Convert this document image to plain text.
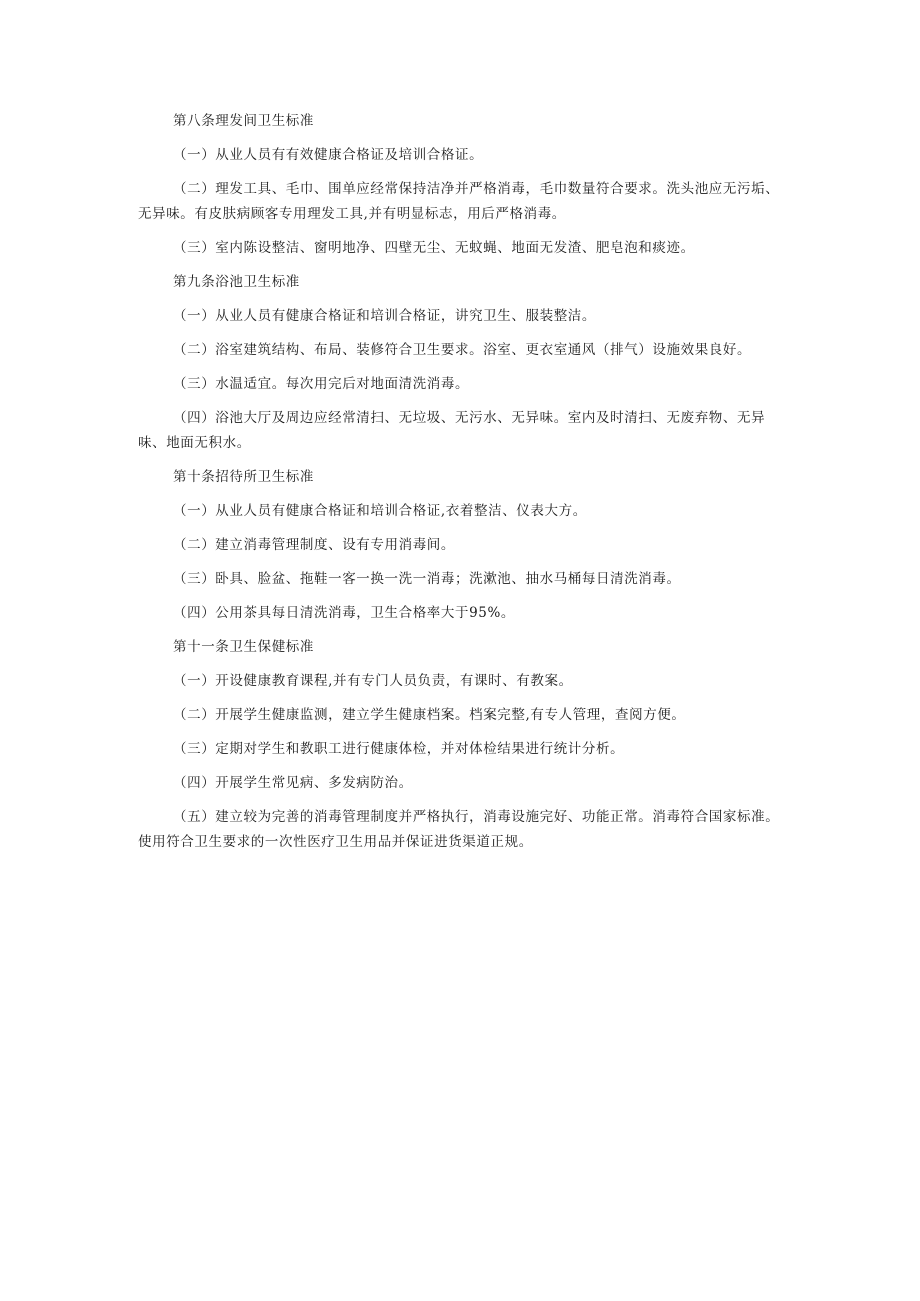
第八条理发间卫生标准

（一）从业人员有有效健康合格证及培训合格证。

（二）理发工具、毛巾、围单应经常保持洁净并严格消毒，毛巾数量符合要求。洗头池应无污垢、无异味。有皮肤病顾客专用理发工具,并有明显标志，用后严格消毒。

（三）室内陈设整洁、窗明地净、四壁无尘、无蚊蝇、地面无发渣、肥皂泡和痰迹。

第九条浴池卫生标准

（一）从业人员有健康合格证和培训合格证，讲究卫生、服装整洁。

（二）浴室建筑结构、布局、装修符合卫生要求。浴室、更衣室通风（排气）设施效果良好。

（三）水温适宜。每次用完后对地面清洗消毒。

（四）浴池大厅及周边应经常清扫、无垃圾、无污水、无异味。室内及时清扫、无废弃物、无异味、地面无积水。

第十条招待所卫生标准

（一）从业人员有健康合格证和培训合格证,衣着整洁、仪表大方。

（二）建立消毒管理制度、设有专用消毒间。

（三）卧具、脸盆、拖鞋一客一换一洗一消毒；洗漱池、抽水马桶每日清洗消毒。

（四）公用茶具每日清洗消毒，卫生合格率大于95%。

第十一条卫生保健标准

（一）开设健康教育课程,并有专门人员负责，有课时、有教案。

（二）开展学生健康监测，建立学生健康档案。档案完整,有专人管理，查阅方便。

（三）定期对学生和教职工进行健康体检，并对体检结果进行统计分析。

（四）开展学生常见病、多发病防治。

（五）建立较为完善的消毒管理制度并严格执行，消毒设施完好、功能正常。消毒符合国家标准。使用符合卫生要求的一次性医疗卫生用品并保证进货渠道正规。
